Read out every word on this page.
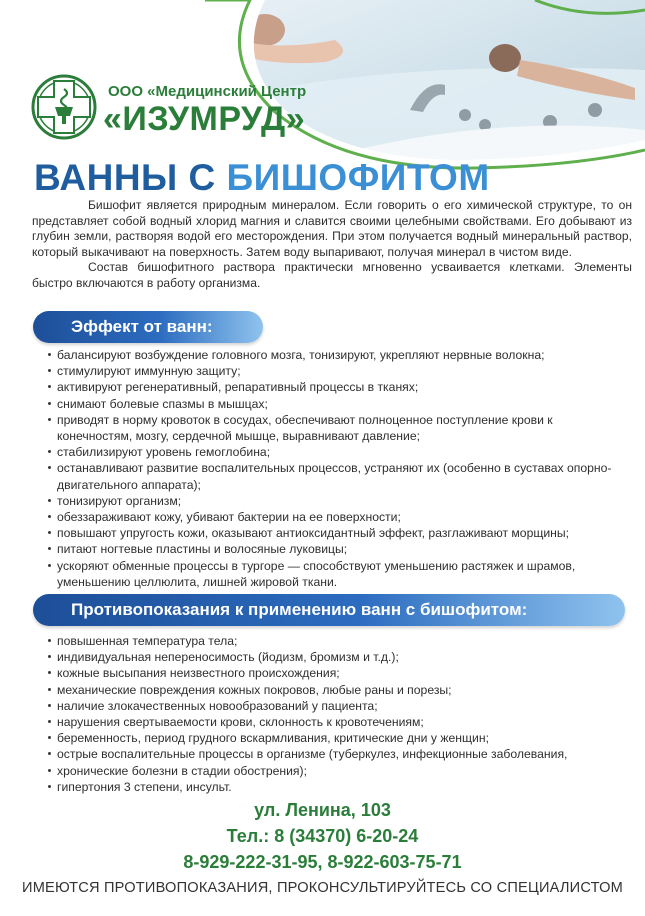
ООО «Медицинский Центр
«ИЗУМРУД»
ВАННЫ С БИШОФИТОМ

Бишофит является природным минералом. Если говорить о его химической структуре, то он представляет собой водный хлорид магния и славится своими целебными свойствами. Его добывают из глубин земли, растворяя водой его месторождения. При этом получается водный минеральный раствор, который выкачивают на поверхность. Затем воду выпаривают, получая минерал в чистом виде.

Состав бишофитного раствора практически мгновенно усваивается клетками. Элементы быстро включаются в работу организма.

Эффект от ванн:
балансируют возбуждение головного мозга, тонизируют, укрепляют нервные волокна;
стимулируют иммунную защиту;
активируют регенеративный, репаративный процессы в тканях;
снимают болевые спазмы в мышцах;
приводят в норму кровоток в сосудах, обеспечивают полноценное поступление крови к конечностям, мозгу, сердечной мышце, выравнивают давление;
стабилизируют уровень гемоглобина;
останавливают развитие воспалительных процессов, устраняют их (особенно в суставах опорно-двигательного аппарата);
тонизируют организм;
обеззараживают кожу, убивают бактерии на ее поверхности;
повышают упругость кожи, оказывают антиоксидантный эффект, разглаживают морщины;
питают ногтевые пластины и волосяные луковицы;
ускоряют обменные процессы в тургоре — способствуют уменьшению растяжек и шрамов, уменьшению целлюлита, лишней жировой ткани.
Противопоказания к применению ванн с бишофитом:
повышенная температура тела;
индивидуальная непереносимость (йодизм, бромизм и т.д.);
кожные высыпания неизвестного происхождения;
механические повреждения кожных покровов, любые раны и порезы;
наличие злокачественных новообразований у пациента;
нарушения свертываемости крови, склонность к кровотечениям;
беременность, период грудного вскармливания, критические дни у женщин;
острые воспалительные процессы в организме (туберкулез, инфекционные заболевания,
хронические болезни в стадии обострения);
гипертония 3 степени, инсульт.
ул. Ленина, 103
Тел.: 8 (34370) 6-20-24
8-929-222-31-95, 8-922-603-75-71
ИМЕЮТСЯ ПРОТИВОПОКАЗАНИЯ, ПРОКОНСУЛЬТИРУЙТЕСЬ СО СПЕЦИАЛИСТОМ
